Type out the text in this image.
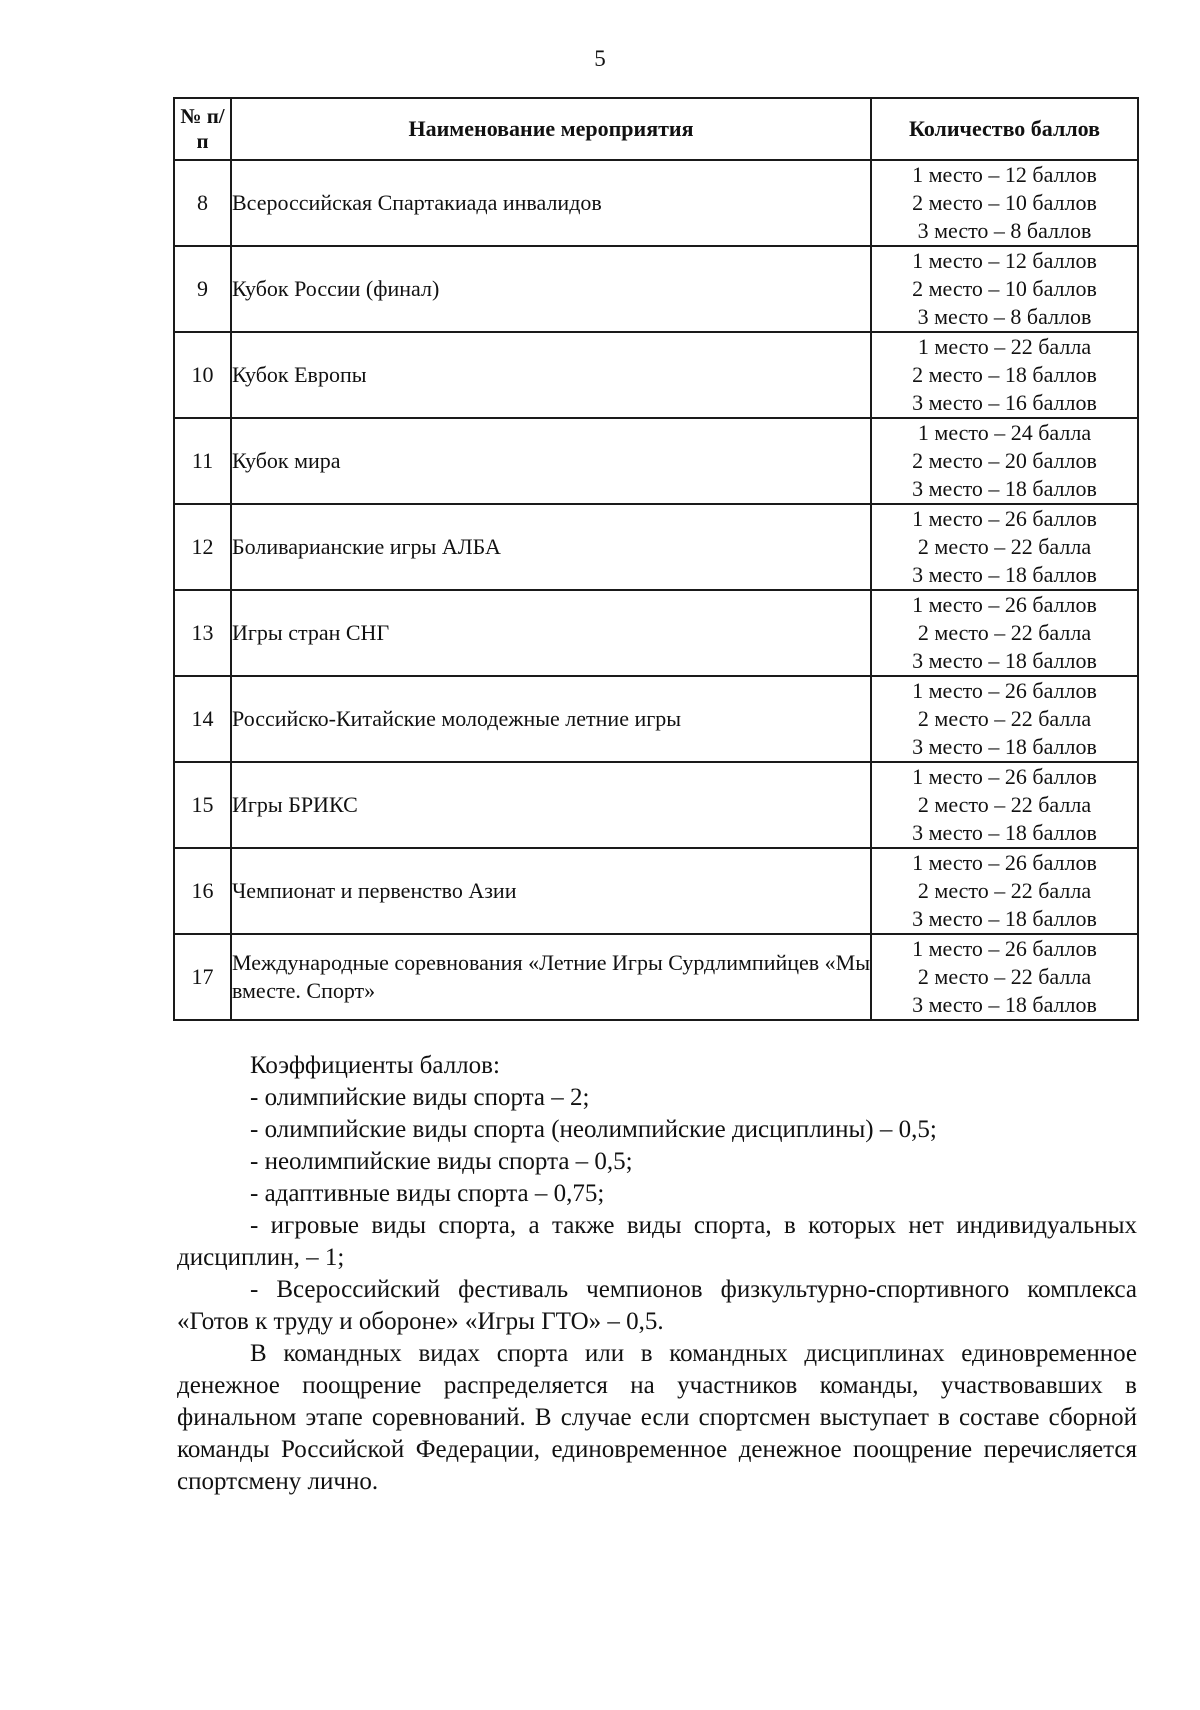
5
№ п/п	Наименование мероприятия	Количество баллов
8	Всероссийская Спартакиада инвалидов	1 место – 12 баллов
2 место – 10 баллов
3 место – 8 баллов

9	Кубок России (финал)	1 место – 12 баллов
2 место – 10 баллов
3 место – 8 баллов

10	Кубок Европы	1 место – 22 балла
2 место – 18 баллов
3 место – 16 баллов

11	Кубок мира	1 место – 24 балла
2 место – 20 баллов
3 место – 18 баллов

12	Боливарианские игры АЛБА	1 место – 26 баллов
2 место – 22 балла
3 место – 18 баллов

13	Игры стран СНГ	1 место – 26 баллов
2 место – 22 балла
3 место – 18 баллов

14	Российско-Китайские молодежные летние игры	1 место – 26 баллов
2 место – 22 балла
3 место – 18 баллов

15	Игры БРИКС	1 место – 26 баллов
2 место – 22 балла
3 место – 18 баллов

16	Чемпионат и первенство Азии	1 место – 26 баллов
2 место – 22 балла
3 место – 18 баллов

17	Международные соревнования «Летние Игры Сурдлимпийцев «Мы вместе. Спорт»	1 место – 26 баллов
2 место – 22 балла
3 место – 18 баллов

Коэффициенты баллов:

- олимпийские виды спорта – 2;

- олимпийские виды спорта (неолимпийские дисциплины) – 0,5;

- неолимпийские виды спорта – 0,5;

- адаптивные виды спорта – 0,75;

- игровые виды спорта, а также виды спорта, в которых нет индивидуальных дисциплин, – 1;

- Всероссийский фестиваль чемпионов физкультурно-спортивного комплекса «Готов к труду и обороне» «Игры ГТО» – 0,5.

В командных видах спорта или в командных дисциплинах единовременное денежное поощрение распределяется на участников команды, участвовавших в финальном этапе соревнований. В случае если спортсмен выступает в составе сборной команды Российской Федерации, единовременное денежное поощрение перечисляется спортсмену лично.
